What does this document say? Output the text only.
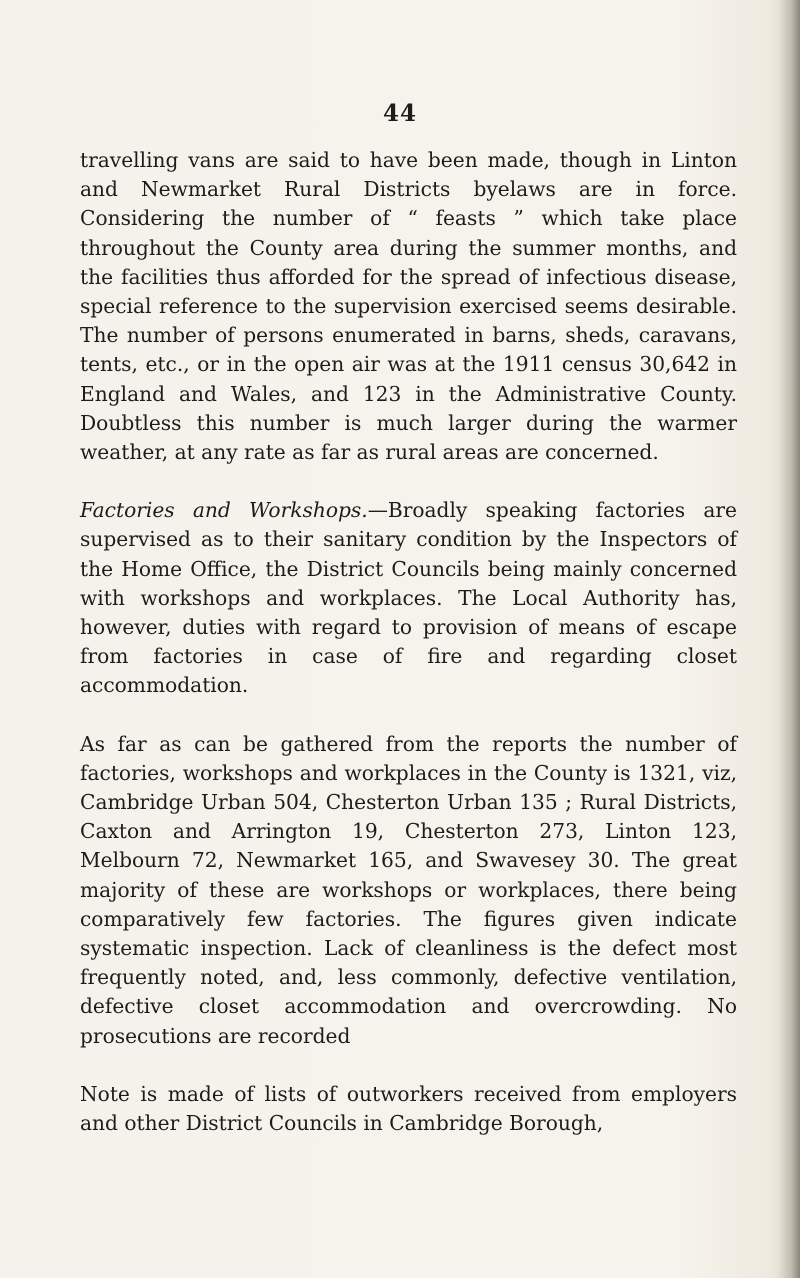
44

travelling vans are said to have been made, though in Linton and Newmarket Rural Districts byelaws are in force. Considering the number of “ feasts ” which take place throughout the County area during the summer months, and the facilities thus afforded for the spread of infectious disease, special reference to the supervision exercised seems desirable. The number of persons enumerated in barns, sheds, caravans, tents, etc., or in the open air was at the 1911 census 30,642 in England and Wales, and 123 in the Administrative County. Doubtless this number is much larger during the warmer weather, at any rate as far as rural areas are concerned.

Factories and Workshops.—Broadly speaking factories are supervised as to their sanitary condition by the Inspectors of the Home Office, the District Councils being mainly concerned with workshops and workplaces. The Local Authority has, however, duties with regard to provision of means of escape from factories in case of fire and regarding closet accommodation.

As far as can be gathered from the reports the number of factories, workshops and workplaces in the County is 1321, viz, Cambridge Urban 504, Chesterton Urban 135 ; Rural Districts, Caxton and Arrington 19, Chesterton 273, Linton 123, Melbourn 72, Newmarket 165, and Swavesey 30. The great majority of these are workshops or workplaces, there being comparatively few factories. The figures given indicate systematic inspection. Lack of cleanliness is the defect most frequently noted, and, less commonly, defective ventilation, defective closet accommodation and overcrowding. No prosecutions are recorded

Note is made of lists of outworkers received from employers and other District Councils in Cambridge Borough,
